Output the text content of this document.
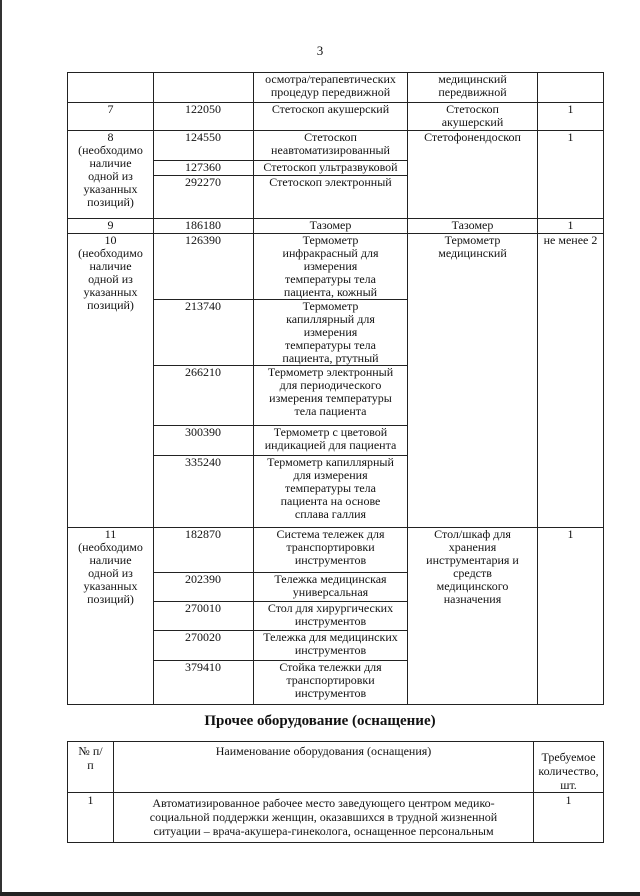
3
		осмотра/терапевтических процедур передвижной	медицинский передвижной	
7	122050	Стетоскоп акушерский	Стетоскоп акушерский	1
8 (необходимо наличие одной из указанных позиций)	124550	Стетоскоп неавтоматизированный	Стетофонендоскоп	1
	127360	Стетоскоп ультразвуковой		
	292270	Стетоскоп электронный		
9	186180	Тазомер	Тазомер	1
10 (необходимо наличие одной из указанных позиций)	126390	Термометр инфракрасный для измерения температуры тела пациента, кожный	Термометр медицинский	не менее 2
	213740	Термометр капиллярный для измерения температуры тела пациента, ртутный		
	266210	Термометр электронный для периодического измерения температуры тела пациента		
	300390	Термометр с цветовой индикацией для пациента		
	335240	Термометр капиллярный для измерения температуры тела пациента на основе сплава галлия		
11 (необходимо наличие одной из указанных позиций)	182870	Система тележек для транспортировки инструментов	Стол/шкаф для хранения инструментария и средств медицинского назначения	1
	202390	Тележка медицинская универсальная		
	270010	Стол для хирургических инструментов		
	270020	Тележка для медицинских инструментов		
	379410	Стойка тележки для транспортировки инструментов		
Прочее оборудование (оснащение)
№ п/п	Наименование оборудования (оснащения)	Требуемое количество, шт.
1	Автоматизированное рабочее место заведующего центром медико-социальной поддержки женщин, оказавшихся в трудной жизненной ситуации – врача-акушера-гинеколога, оснащенное персональным	1
